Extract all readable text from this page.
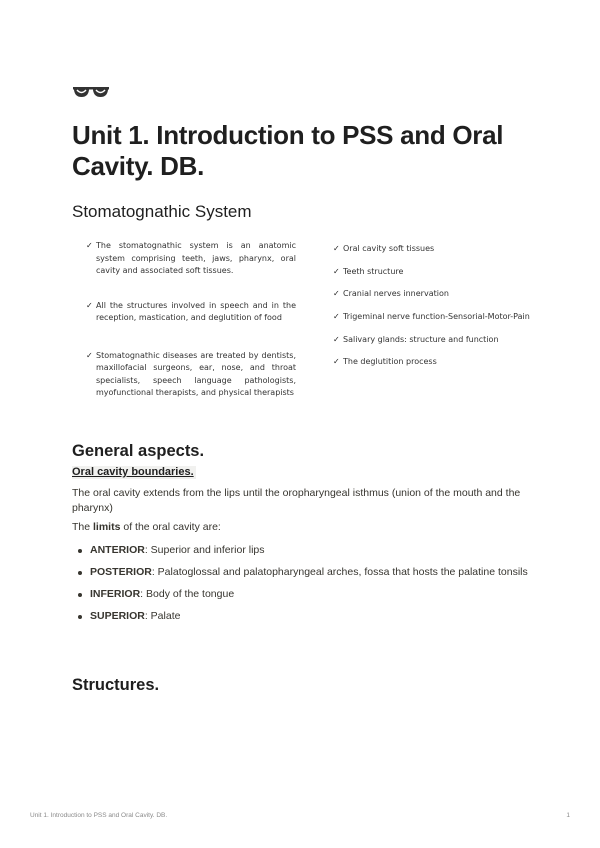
Unit 1. Introduction to PSS and Oral Cavity. DB.
Stomatognathic System
✓ The stomatognathic system is an anatomic system comprising teeth, jaws, pharynx, oral cavity and associated soft tissues.
✓ All the structures involved in speech and in the reception, mastication, and deglutition of food
✓ Stomatognathic diseases are treated by dentists, maxillofacial surgeons, ear, nose, and throat specialists, speech language pathologists, myofunctional therapists, and physical therapists
✓ Oral cavity soft tissues
✓ Teeth structure
✓ Cranial nerves innervation
✓ Trigeminal nerve function-Sensorial-Motor-Pain
✓ Salivary glands: structure and function
✓ The deglutition process
General aspects.
Oral cavity boundaries.

The oral cavity extends from the lips until the oropharyngeal isthmus (union of the mouth and the pharynx)

The limits of the oral cavity are:

ANTERIOR: Superior and inferior lips
POSTERIOR: Palatoglossal and palatopharyngeal arches, fossa that hosts the palatine tonsils
INFERIOR: Body of the tongue
SUPERIOR: Palate
Structures.
Unit 1. Introduction to PSS and Oral Cavity. DB.	1
